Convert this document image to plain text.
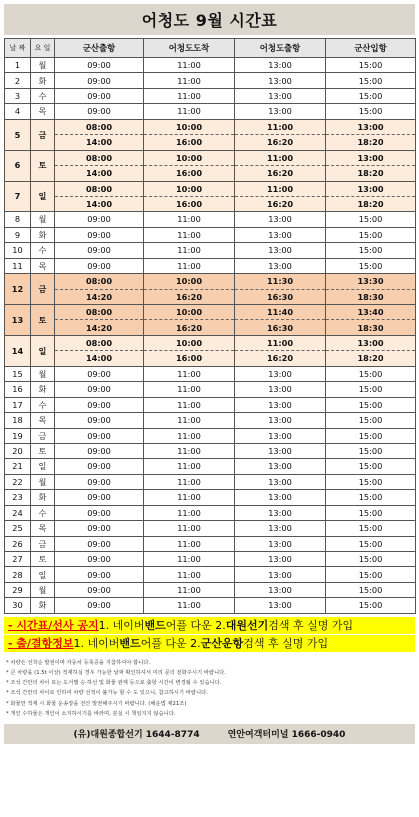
어청도 9월 시간표
날 짜	요 일	군산출항	어청도도착	어청도출항	군산입항
1	월	09:00	11:00	13:00	15:00
2	화	09:00	11:00	13:00	15:00
3	수	09:00	11:00	13:00	15:00
4	목	09:00	11:00	13:00	15:00
5	금	08:00	10:00	11:00	13:00
		14:00	16:00	16:20	18:20
6	토	08:00	10:00	11:00	13:00
		14:00	16:00	16:20	18:20
7	일	08:00	10:00	11:00	13:00
		14:00	16:00	16:20	18:20
8	월	09:00	11:00	13:00	15:00
9	화	09:00	11:00	13:00	15:00
10	수	09:00	11:00	13:00	15:00
11	목	09:00	11:00	13:00	15:00
12	금	08:00	10:00	11:30	13:30
		14:20	16:20	16:30	18:30
13	토	08:00	10:00	11:40	13:40
		14:20	16:20	16:30	18:30
14	일	08:00	10:00	11:00	13:00
		14:00	16:00	16:20	18:20
15	월	09:00	11:00	13:00	15:00
16	화	09:00	11:00	13:00	15:00
17	수	09:00	11:00	13:00	15:00
18	목	09:00	11:00	13:00	15:00
19	금	09:00	11:00	13:00	15:00
20	토	09:00	11:00	13:00	15:00
21	일	09:00	11:00	13:00	15:00
22	월	09:00	11:00	13:00	15:00
23	화	09:00	11:00	13:00	15:00
24	수	09:00	11:00	13:00	15:00
25	목	09:00	11:00	13:00	15:00
26	금	09:00	11:00	13:00	15:00
27	토	09:00	11:00	13:00	15:00
28	일	09:00	11:00	13:00	15:00
29	월	09:00	11:00	13:00	15:00
30	화	09:00	11:00	13:00	15:00
- 시간표/선사 공지 1. 네이버 밴드 어플 다운 2. 대원선기 검색 후 실명 가입
- 출/결항정보 1. 네이버 밴드 어플 다운 2. 군산운항 검색 후 실명 가입
* 차량은 선착순 발권이며 자동차 등록증을 지참하셔야 합니다.
* 큰 차량을 (1.5t 이상) 적재하실 경우 가능한 날짜 확인하셔서 미리 문의 전화주시기 바랍니다.
* 조석 간만의 차이 또는 도서별 승·하선 및 화물 관계 등으로 출항 시간이 변경될 수 있습니다.
* 조석 간만의 차이로 인하여 차량 선적이 불가능 할 수 도 있으니, 참고하시기 바랍니다.
* 화물만 적재 시 화물 운송장을 전산 발권해주시기 바랍니다. (해운법 제21조)
* 개인 수하물은 개인이 소지하시기를 바라며, 분실 시 책임지지 않습니다.
(유)대원종합선기 1644-8774	연안여객터미널 1666-0940
